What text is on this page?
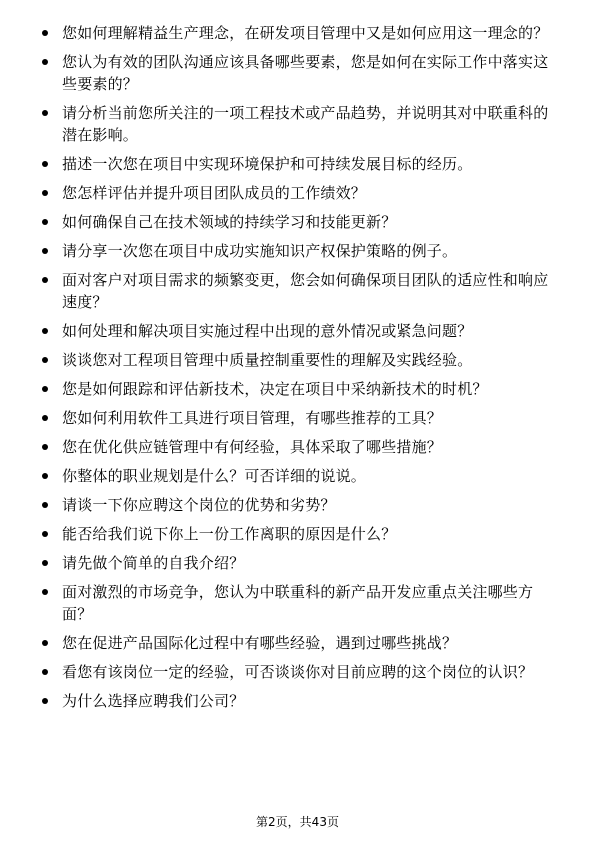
您如何理解精益生产理念，在研发项目管理中又是如何应用这一理念的？
您认为有效的团队沟通应该具备哪些要素，您是如何在实际工作中落实这些要素的？
请分析当前您所关注的一项工程技术或产品趋势，并说明其对中联重科的潜在影响。
描述一次您在项目中实现环境保护和可持续发展目标的经历。
您怎样评估并提升项目团队成员的工作绩效？
如何确保自己在技术领域的持续学习和技能更新？
请分享一次您在项目中成功实施知识产权保护策略的例子。
面对客户对项目需求的频繁变更，您会如何确保项目团队的适应性和响应速度？
如何处理和解决项目实施过程中出现的意外情况或紧急问题？
谈谈您对工程项目管理中质量控制重要性的理解及实践经验。
您是如何跟踪和评估新技术，决定在项目中采纳新技术的时机？
您如何利用软件工具进行项目管理，有哪些推荐的工具？
您在优化供应链管理中有何经验，具体采取了哪些措施？
你整体的职业规划是什么？可否详细的说说。
请谈一下你应聘这个岗位的优势和劣势？
能否给我们说下你上一份工作离职的原因是什么？
请先做个简单的自我介绍？
面对激烈的市场竞争，您认为中联重科的新产品开发应重点关注哪些方面？
您在促进产品国际化过程中有哪些经验，遇到过哪些挑战？
看您有该岗位一定的经验，可否谈谈你对目前应聘的这个岗位的认识？
为什么选择应聘我们公司？
第2页，共43页
